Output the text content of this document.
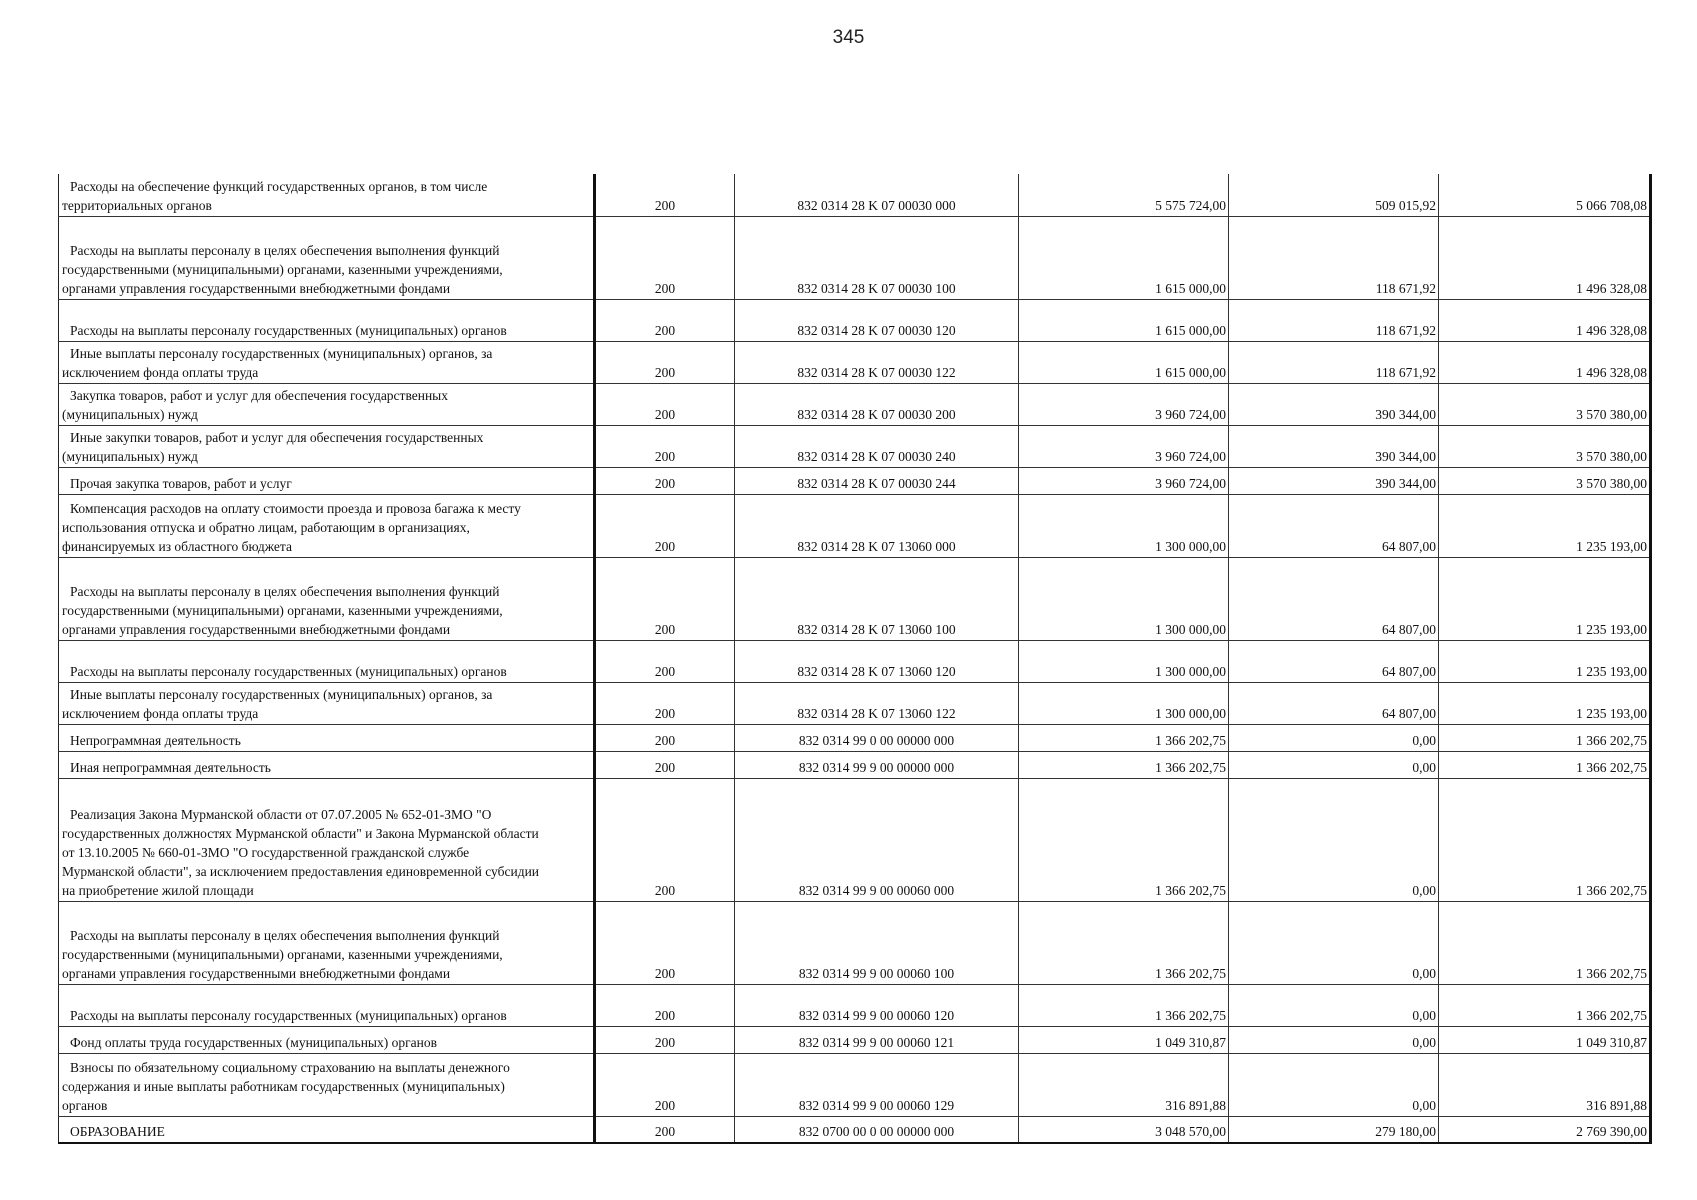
345
Расходы на обеспечение функций государственных органов, в том числе
территориальных органов	200	832 0314 28 K 07 00030 000	5 575 724,00	509 015,92	5 066 708,08

Расходы на выплаты персоналу в целях обеспечения выполнения функций
государственными (муниципальными) органами, казенными учреждениями,
органами управления государственными внебюджетными фондами	200	832 0314 28 K 07 00030 100	1 615 000,00	118 671,92	1 496 328,08

Расходы на выплаты персоналу государственных (муниципальных) органов	200	832 0314 28 K 07 00030 120	1 615 000,00	118 671,92	1 496 328,08

Иные выплаты персоналу государственных (муниципальных) органов, за
исключением фонда оплаты труда	200	832 0314 28 K 07 00030 122	1 615 000,00	118 671,92	1 496 328,08

Закупка товаров, работ и услуг для обеспечения государственных
(муниципальных) нужд	200	832 0314 28 K 07 00030 200	3 960 724,00	390 344,00	3 570 380,00

Иные закупки товаров, работ и услуг для обеспечения государственных
(муниципальных) нужд	200	832 0314 28 K 07 00030 240	3 960 724,00	390 344,00	3 570 380,00

Прочая закупка товаров, работ и услуг	200	832 0314 28 K 07 00030 244	3 960 724,00	390 344,00	3 570 380,00

Компенсация расходов на оплату стоимости проезда и провоза багажа к месту
использования отпуска и обратно лицам, работающим в организациях,
финансируемых из областного бюджета	200	832 0314 28 K 07 13060 000	1 300 000,00	64 807,00	1 235 193,00

Расходы на выплаты персоналу в целях обеспечения выполнения функций
государственными (муниципальными) органами, казенными учреждениями,
органами управления государственными внебюджетными фондами	200	832 0314 28 K 07 13060 100	1 300 000,00	64 807,00	1 235 193,00

Расходы на выплаты персоналу государственных (муниципальных) органов	200	832 0314 28 K 07 13060 120	1 300 000,00	64 807,00	1 235 193,00

Иные выплаты персоналу государственных (муниципальных) органов, за
исключением фонда оплаты труда	200	832 0314 28 K 07 13060 122	1 300 000,00	64 807,00	1 235 193,00

Непрограммная деятельность	200	832 0314 99 0 00 00000 000	1 366 202,75	0,00	1 366 202,75

Иная непрограммная деятельность	200	832 0314 99 9 00 00000 000	1 366 202,75	0,00	1 366 202,75

Реализация Закона Мурманской области от 07.07.2005 № 652-01-ЗМО "О
государственных должностях Мурманской области" и Закона Мурманской области
от 13.10.2005 № 660-01-ЗМО "О государственной гражданской службе
Мурманской области", за исключением предоставления единовременной субсидии
на приобретение жилой площади	200	832 0314 99 9 00 00060 000	1 366 202,75	0,00	1 366 202,75

Расходы на выплаты персоналу в целях обеспечения выполнения функций
государственными (муниципальными) органами, казенными учреждениями,
органами управления государственными внебюджетными фондами	200	832 0314 99 9 00 00060 100	1 366 202,75	0,00	1 366 202,75

Расходы на выплаты персоналу государственных (муниципальных) органов	200	832 0314 99 9 00 00060 120	1 366 202,75	0,00	1 366 202,75

Фонд оплаты труда государственных (муниципальных) органов	200	832 0314 99 9 00 00060 121	1 049 310,87	0,00	1 049 310,87

Взносы по обязательному социальному страхованию на выплаты денежного
содержания и иные выплаты работникам государственных (муниципальных)
органов	200	832 0314 99 9 00 00060 129	316 891,88	0,00	316 891,88

ОБРАЗОВАНИЕ	200	832 0700 00 0 00 00000 000	3 048 570,00	279 180,00	2 769 390,00
